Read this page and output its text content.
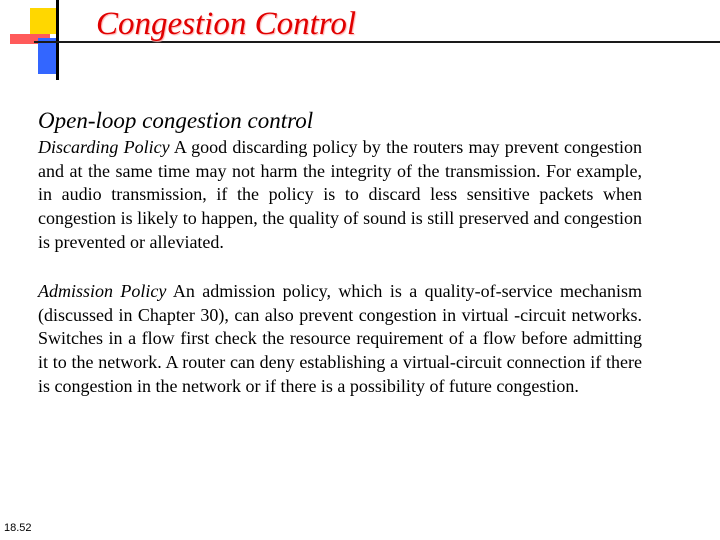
Congestion Control
Open-loop congestion control
Discarding Policy A good discarding policy by the routers may prevent congestion and at the same time may not harm the integrity of the transmission. For example, in audio transmission, if the policy is to discard less sensitive packets when congestion is likely to happen, the quality of sound is still preserved and congestion is prevented or alleviated.
Admission Policy An admission policy, which is a quality-of-service mechanism (discussed in Chapter 30), can also prevent congestion in virtual -circuit networks. Switches in a flow first check the resource requirement of a flow before admitting it to the network. A router can deny establishing a virtual-circuit connection if there is congestion in the network or if there is a possibility of future congestion.
18.52
